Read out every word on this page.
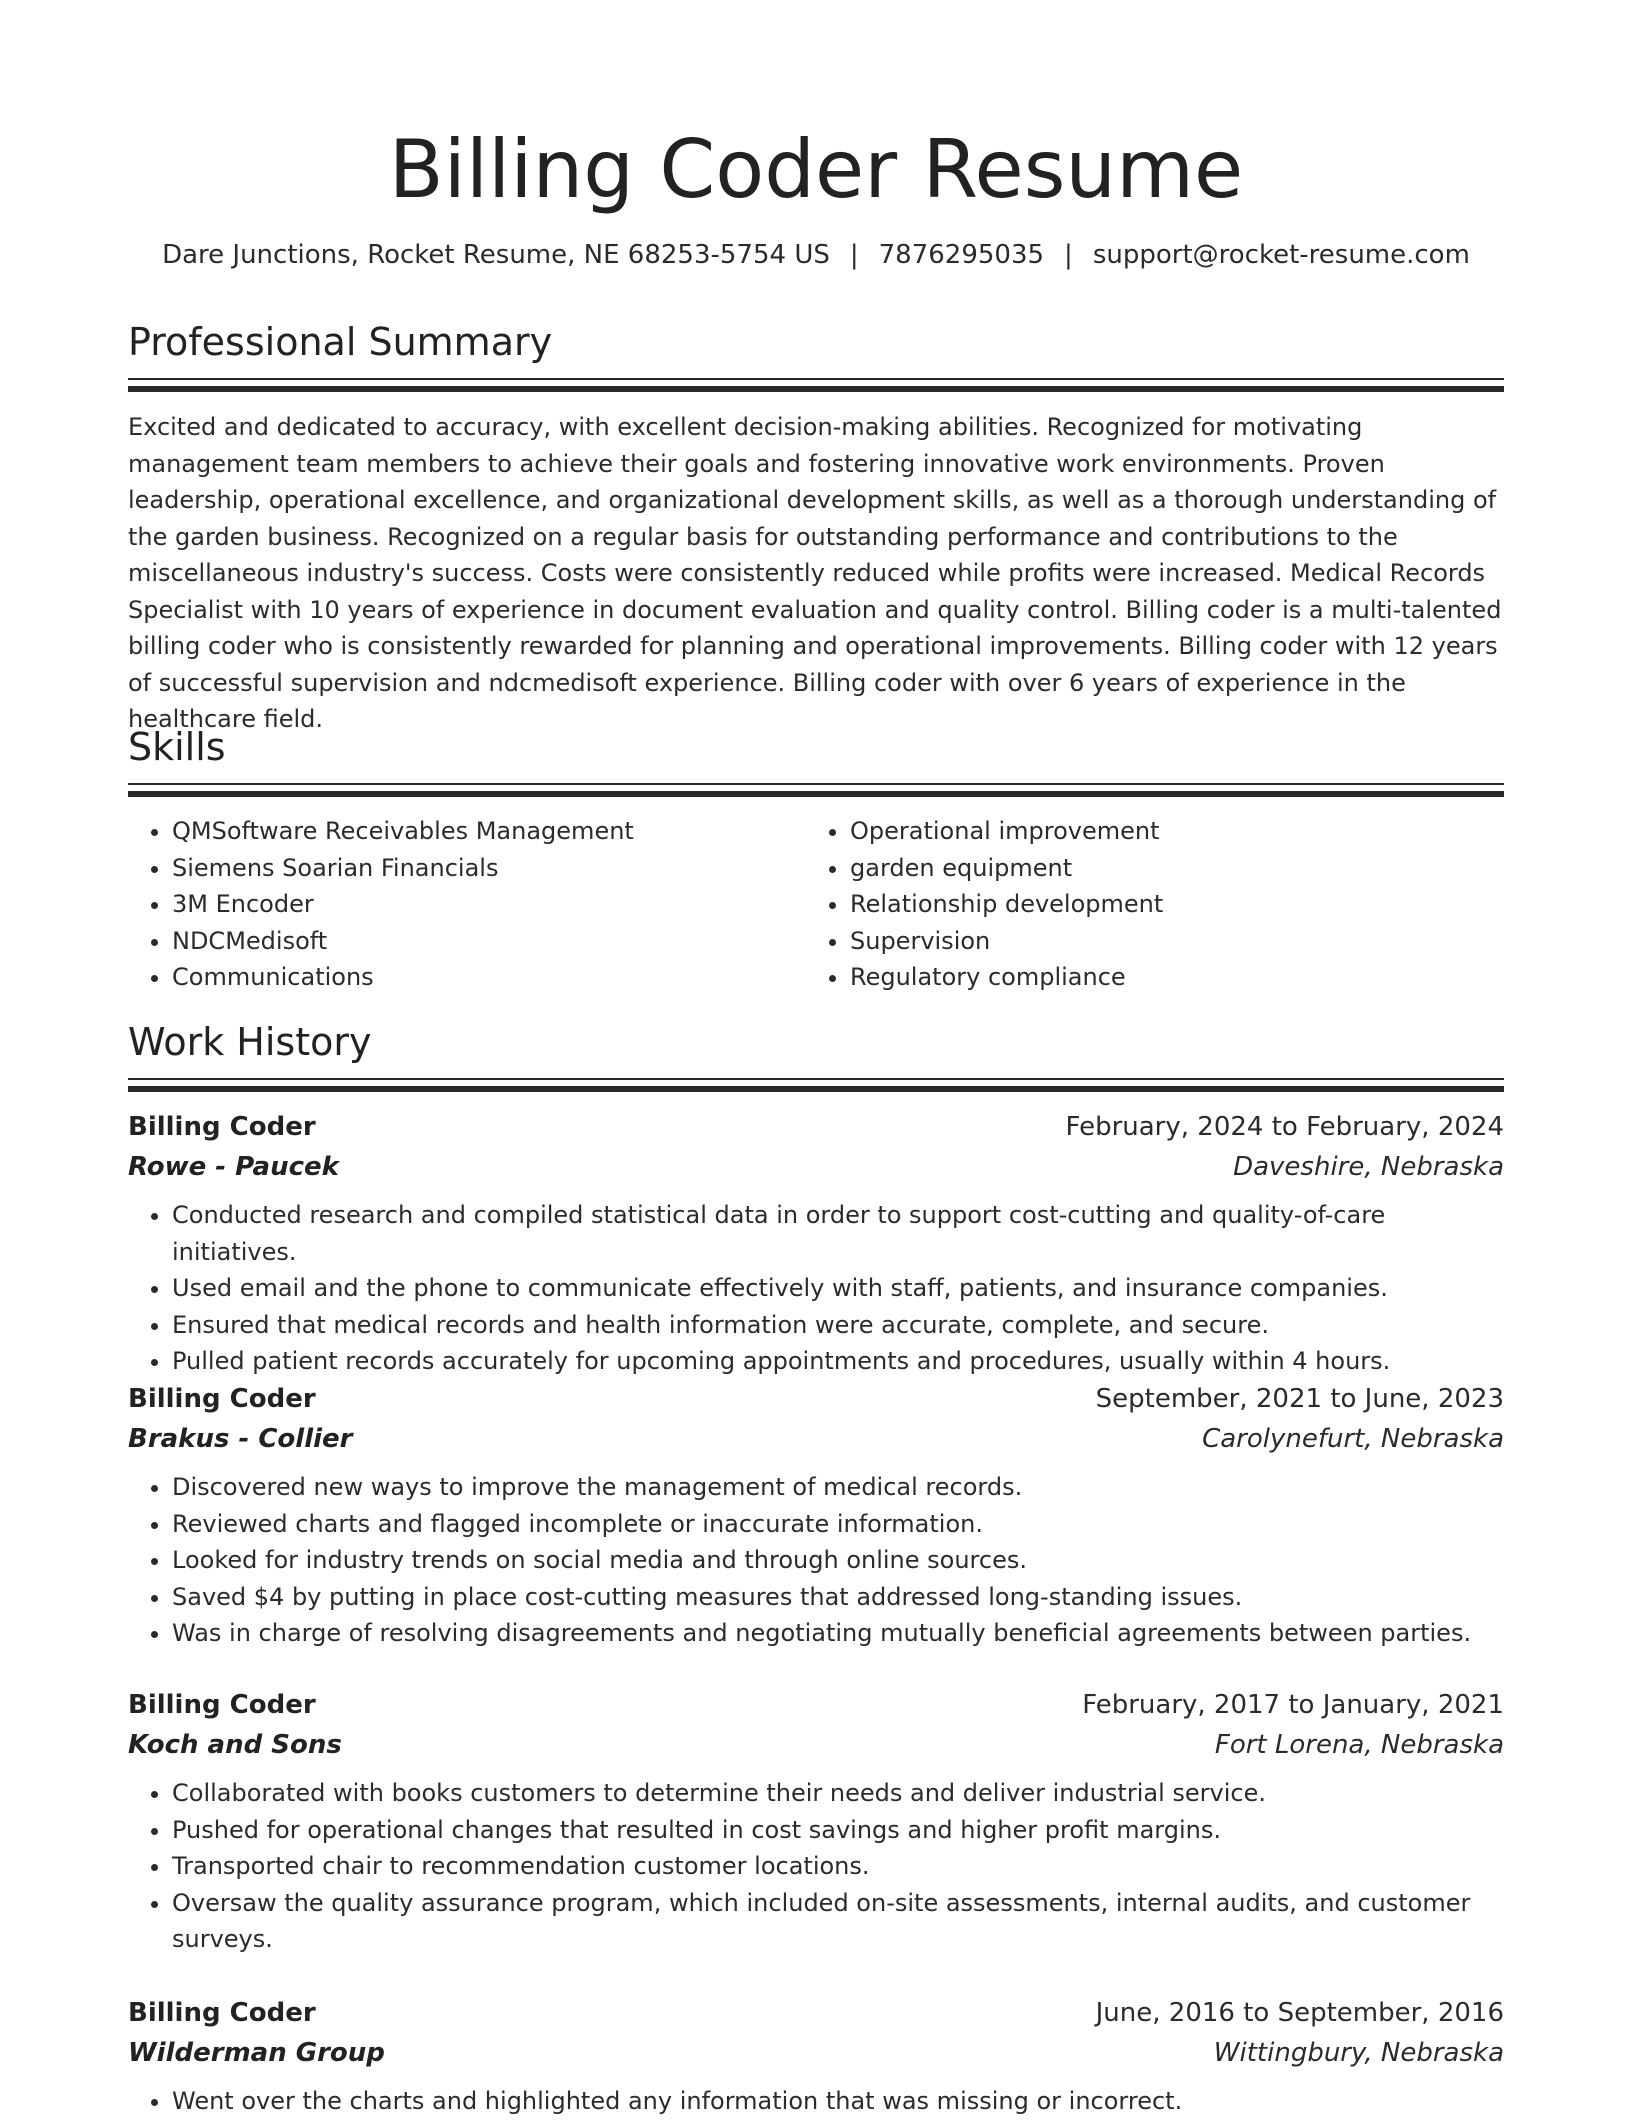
Billing Coder Resume
Dare Junctions, Rocket Resume, NE 68253-5754 US | 7876295035 | support@rocket-resume.com
Professional Summary
Excited and dedicated to accuracy, with excellent decision-making abilities. Recognized for motivating management team members to achieve their goals and fostering innovative work environments. Proven leadership, operational excellence, and organizational development skills, as well as a thorough understanding of the garden business. Recognized on a regular basis for outstanding performance and contributions to the miscellaneous industry's success. Costs were consistently reduced while profits were increased. Medical Records Specialist with 10 years of experience in document evaluation and quality control. Billing coder is a multi-talented billing coder who is consistently rewarded for planning and operational improvements. Billing coder with 12 years of successful supervision and ndcmedisoft experience. Billing coder with over 6 years of experience in the healthcare field.
Skills
• QMSoftware Receivables Management
• Siemens Soarian Financials
• 3M Encoder
• NDCMedisoft
• Communications
• Operational improvement
• garden equipment
• Relationship development
• Supervision
• Regulatory compliance
Work History
Billing Coder	February, 2024 to February, 2024
Rowe - Paucek	Daveshire, Nebraska
• Conducted research and compiled statistical data in order to support cost-cutting and quality-of-care initiatives.
• Used email and the phone to communicate effectively with staff, patients, and insurance companies.
• Ensured that medical records and health information were accurate, complete, and secure.
• Pulled patient records accurately for upcoming appointments and procedures, usually within 4 hours.
Billing Coder	September, 2021 to June, 2023
Brakus - Collier	Carolynefurt, Nebraska
• Discovered new ways to improve the management of medical records.
• Reviewed charts and flagged incomplete or inaccurate information.
• Looked for industry trends on social media and through online sources.
• Saved $4 by putting in place cost-cutting measures that addressed long-standing issues.
• Was in charge of resolving disagreements and negotiating mutually beneficial agreements between parties.
Billing Coder	February, 2017 to January, 2021
Koch and Sons	Fort Lorena, Nebraska
• Collaborated with books customers to determine their needs and deliver industrial service.
• Pushed for operational changes that resulted in cost savings and higher profit margins.
• Transported chair to recommendation customer locations.
• Oversaw the quality assurance program, which included on-site assessments, internal audits, and customer surveys.
Billing Coder	June, 2016 to September, 2016
Wilderman Group	Wittingbury, Nebraska
• Went over the charts and highlighted any information that was missing or incorrect.
